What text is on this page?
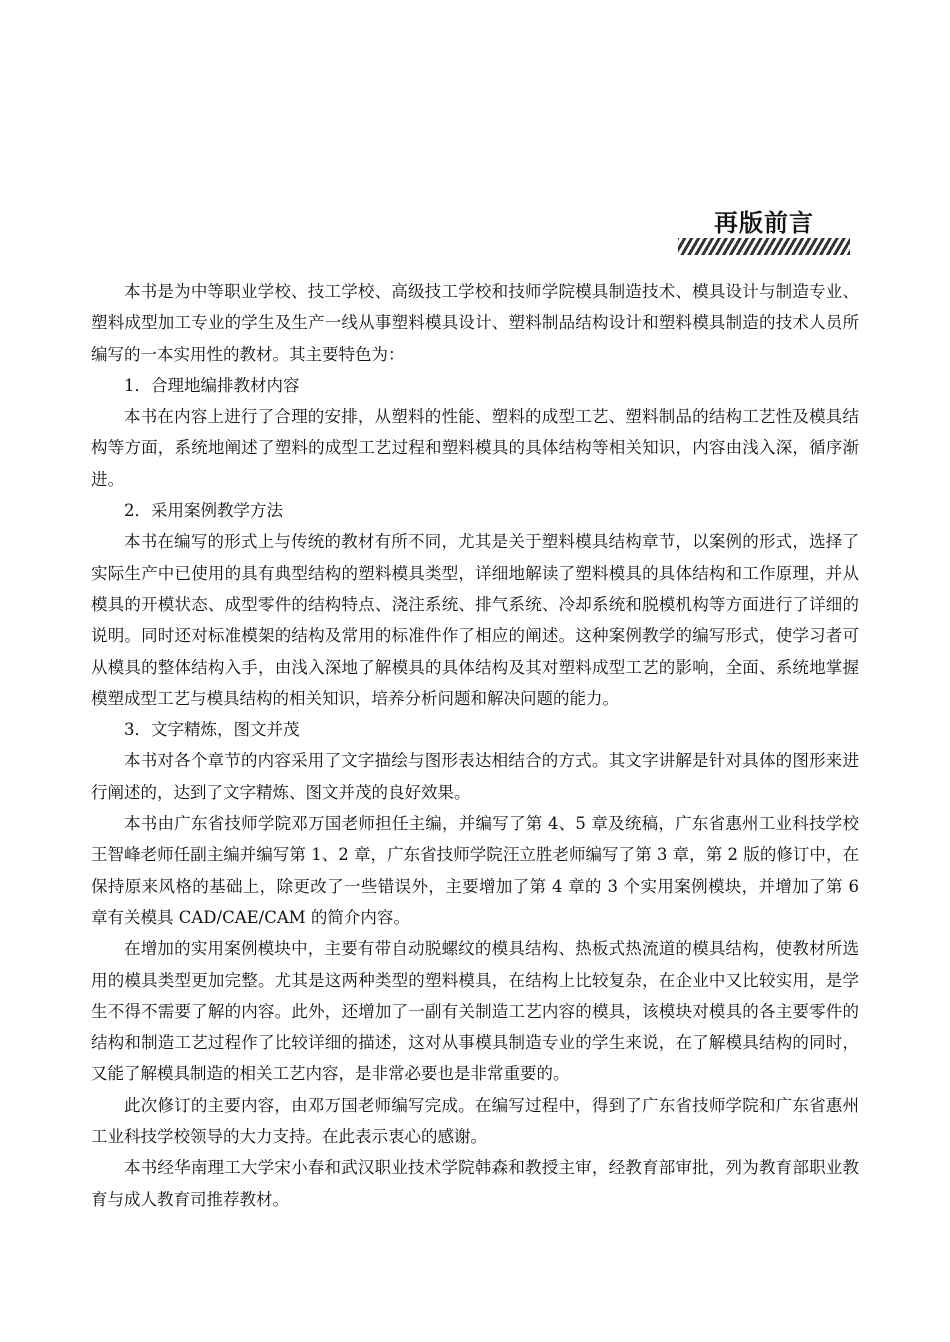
再版前言

本书是为中等职业学校、技工学校、高级技工学校和技师学院模具制造技术、模具设计与制造专业、塑料成型加工专业的学生及生产一线从事塑料模具设计、塑料制品结构设计和塑料模具制造的技术人员所编写的一本实用性的教材。其主要特色为：

1．合理地编排教材内容

本书在内容上进行了合理的安排，从塑料的性能、塑料的成型工艺、塑料制品的结构工艺性及模具结构等方面，系统地阐述了塑料的成型工艺过程和塑料模具的具体结构等相关知识，内容由浅入深，循序渐进。

2．采用案例教学方法

本书在编写的形式上与传统的教材有所不同，尤其是关于塑料模具结构章节，以案例的形式，选择了实际生产中已使用的具有典型结构的塑料模具类型，详细地解读了塑料模具的具体结构和工作原理，并从模具的开模状态、成型零件的结构特点、浇注系统、排气系统、冷却系统和脱模机构等方面进行了详细的说明。同时还对标准模架的结构及常用的标准件作了相应的阐述。这种案例教学的编写形式，使学习者可从模具的整体结构入手，由浅入深地了解模具的具体结构及其对塑料成型工艺的影响，全面、系统地掌握模塑成型工艺与模具结构的相关知识，培养分析问题和解决问题的能力。

3．文字精炼，图文并茂

本书对各个章节的内容采用了文字描绘与图形表达相结合的方式。其文字讲解是针对具体的图形来进行阐述的，达到了文字精炼、图文并茂的良好效果。

本书由广东省技师学院邓万国老师担任主编，并编写了第 4、5 章及统稿，广东省惠州工业科技学校王智峰老师任副主编并编写第 1、2 章，广东省技师学院汪立胜老师编写了第 3 章，第 2 版的修订中，在保持原来风格的基础上，除更改了一些错误外，主要增加了第 4 章的 3 个实用案例模块，并增加了第 6 章有关模具 CAD/CAE/CAM 的简介内容。

在增加的实用案例模块中，主要有带自动脱螺纹的模具结构、热板式热流道的模具结构，使教材所选用的模具类型更加完整。尤其是这两种类型的塑料模具，在结构上比较复杂，在企业中又比较实用，是学生不得不需要了解的内容。此外，还增加了一副有关制造工艺内容的模具，该模块对模具的各主要零件的结构和制造工艺过程作了比较详细的描述，这对从事模具制造专业的学生来说，在了解模具结构的同时，又能了解模具制造的相关工艺内容，是非常必要也是非常重要的。

此次修订的主要内容，由邓万国老师编写完成。在编写过程中，得到了广东省技师学院和广东省惠州工业科技学校领导的大力支持。在此表示衷心的感谢。

本书经华南理工大学宋小春和武汉职业技术学院韩森和教授主审，经教育部审批，列为教育部职业教育与成人教育司推荐教材。
